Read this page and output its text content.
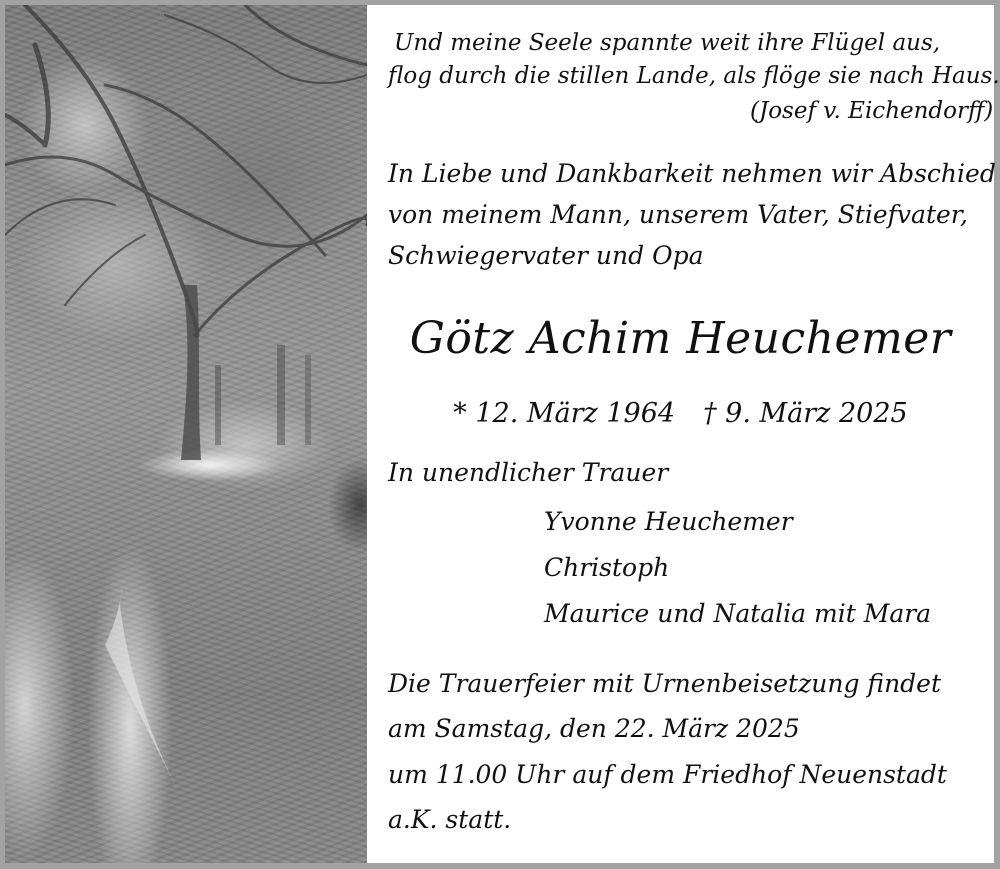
Und meine Seele spannte weit ihre Flügel aus,
flog durch die stillen Lande, als flöge sie nach Haus.
(Josef v. Eichendorff)
In Liebe und Dankbarkeit nehmen wir Abschied
von meinem Mann, unserem Vater, Stiefvater,
Schwiegervater und Opa
Götz Achim Heuchemer
* 12. März 1964 † 9. März 2025
In unendlicher Trauer
Yvonne Heuchemer
Christoph
Maurice und Natalia mit Mara
Die Trauerfeier mit Urnenbeisetzung findet
am Samstag, den 22. März 2025
um 11.00 Uhr auf dem Friedhof Neuenstadt
a.K. statt.
